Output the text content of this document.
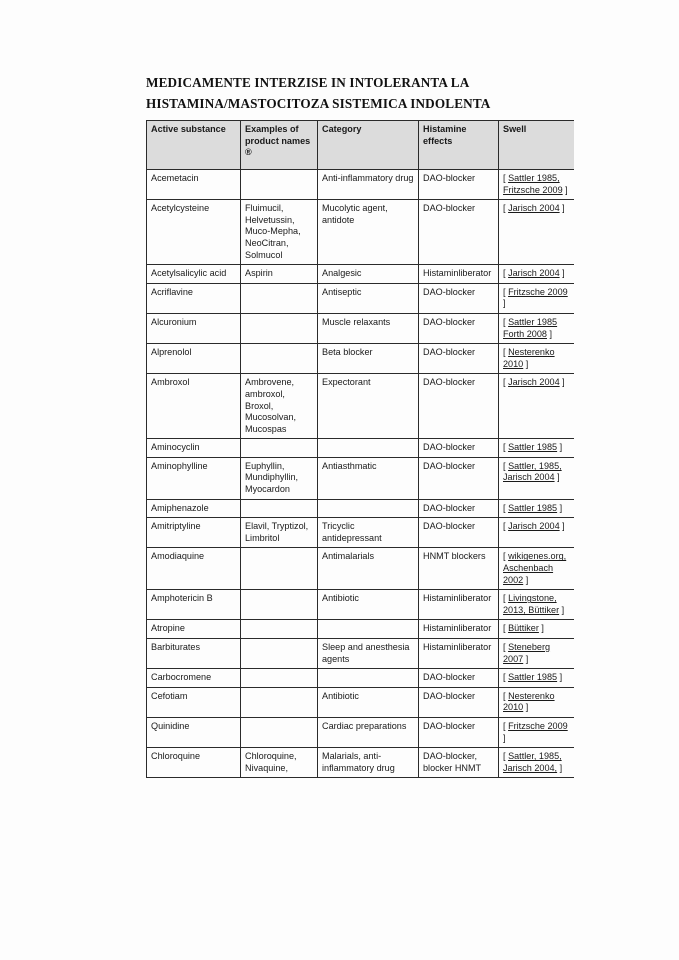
MEDICAMENTE INTERZISE IN INTOLERANTA LA
HISTAMINA/MASTOCITOZA SISTEMICA INDOLENTA
Active substance	Examples of product names ®	Category	Histamine effects	Swell
Acemetacin		Anti-inflammatory drug	DAO-blocker	[ Sattler 1985, Fritzsche 2009 ]
Acetylcysteine	Fluimucil, Helvetussin, Muco-Mepha, NeoCitran, Solmucol	Mucolytic agent, antidote	DAO-blocker	[ Jarisch 2004 ]
Acetylsalicylic acid	Aspirin	Analgesic	Histaminliberator	[ Jarisch 2004 ]
Acriflavine		Antiseptic	DAO-blocker	[ Fritzsche 2009 ]
Alcuronium		Muscle relaxants	DAO-blocker	[ Sattler 1985 Forth 2008 ]
Alprenolol		Beta blocker	DAO-blocker	[ Nesterenko 2010 ]
Ambroxol	Ambrovene, ambroxol, Broxol, Mucosolvan, Mucospas	Expectorant	DAO-blocker	[ Jarisch 2004 ]
Aminocyclin			DAO-blocker	[ Sattler 1985 ]
Aminophylline	Euphyllin, Mundiphyllin, Myocardon	Antiasthmatic	DAO-blocker	[ Sattler, 1985, Jarisch 2004 ]
Amiphenazole			DAO-blocker	[ Sattler 1985 ]
Amitriptyline	Elavil, Tryptizol, Limbritol	Tricyclic antidepressant	DAO-blocker	[ Jarisch 2004 ]
Amodiaquine		Antimalarials	HNMT blockers	[ wikigenes.org, Aschenbach 2002 ]
Amphotericin B		Antibiotic	Histaminliberator	[ Livingstone, 2013, Büttiker ]
Atropine			Histaminliberator	[ Büttiker ]
Barbiturates		Sleep and anesthesia agents	Histaminliberator	[ Steneberg 2007 ]
Carbocromene			DAO-blocker	[ Sattler 1985 ]
Cefotiam		Antibiotic	DAO-blocker	[ Nesterenko 2010 ]
Quinidine		Cardiac preparations	DAO-blocker	[ Fritzsche 2009 ]
Chloroquine	Chloroquine, Nivaquine,	Malarials, anti-inflammatory drug	DAO-blocker, blocker HNMT	[ Sattler, 1985, Jarisch 2004, ]
